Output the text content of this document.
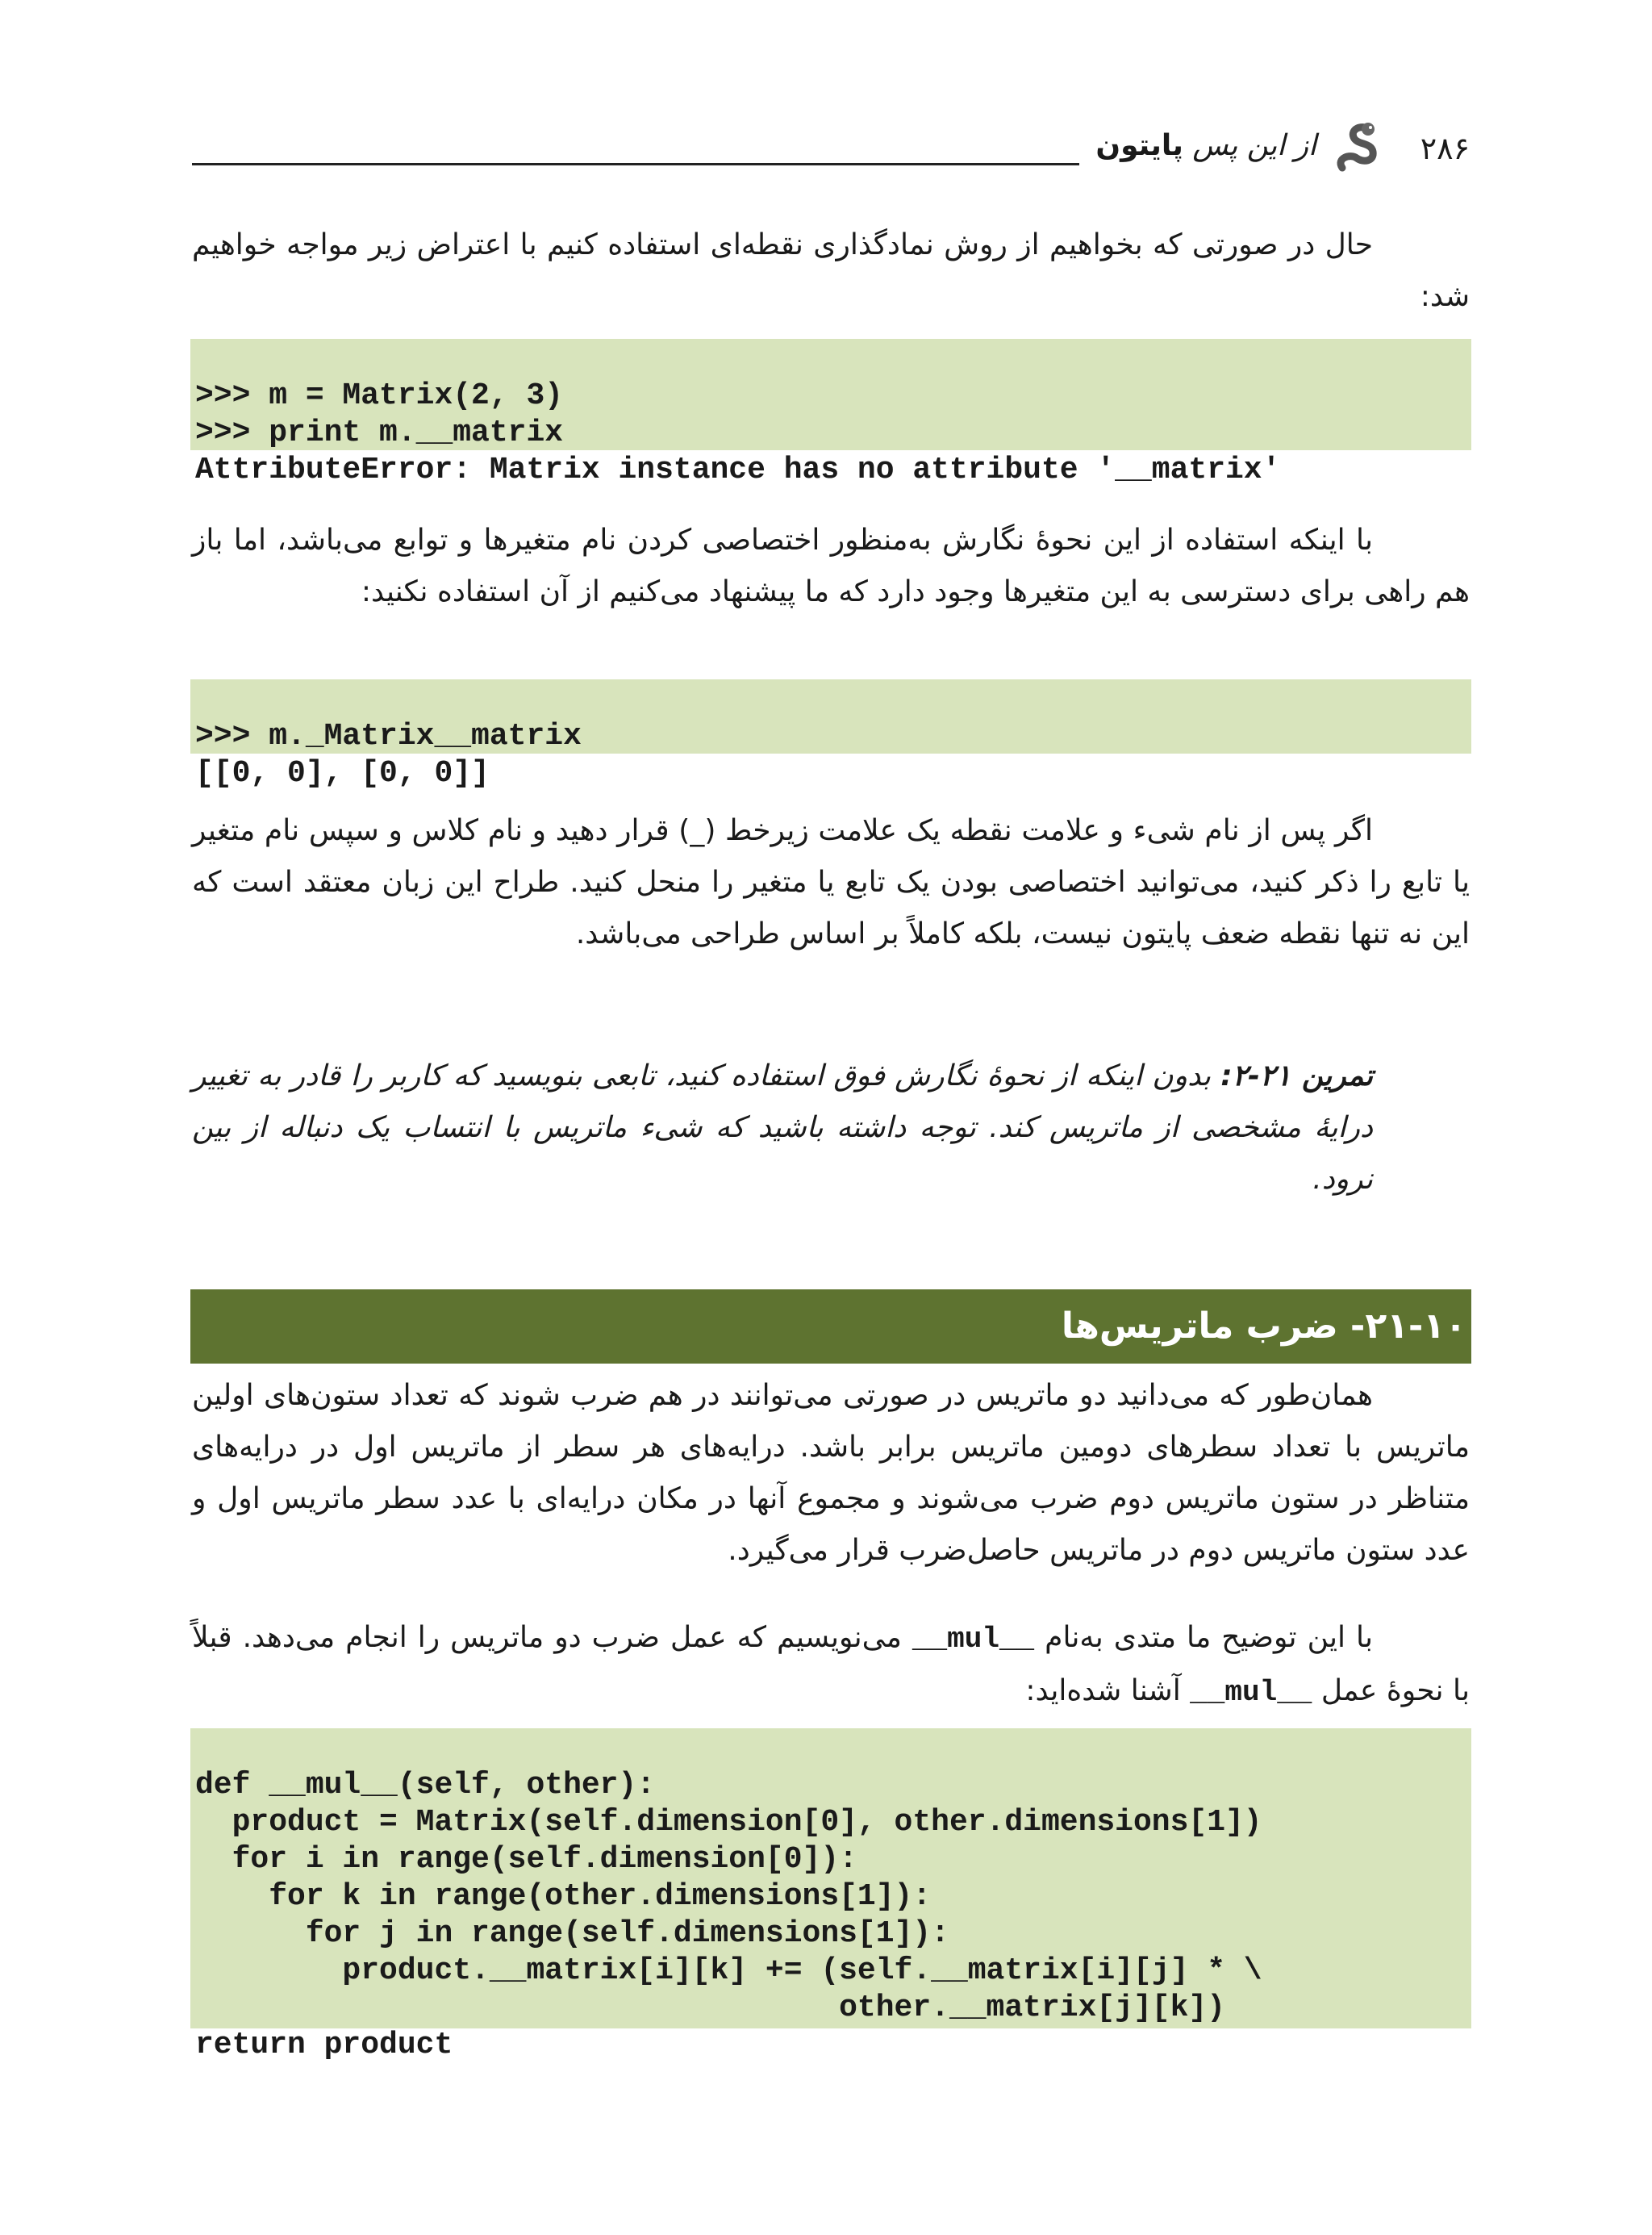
از این پس پایتون	۲۸۶

حال در صورتی که بخواهیم از روش نمادگذاری نقطه‌ای استفاده کنیم با اعتراض زیر مواجه خواهیم شد:

>>> m = Matrix(2, 3)
>>> print m.__matrix
AttributeError: Matrix instance has no attribute '__matrix'

با اینکه استفاده از این نحوهٔ نگارش به‌منظور اختصاصی کردن نام متغیرها و توابع می‌باشد، اما باز هم راهی برای دسترسی به این متغیرها وجود دارد که ما پیشنهاد می‌کنیم از آن استفاده نکنید:

>>> m._Matrix__matrix
[[0, 0], [0, 0]]

اگر پس از نام شیء و علامت نقطه یک علامت زیرخط (_) قرار دهید و نام کلاس و سپس نام متغیر یا تابع را ذکر کنید، می‌توانید اختصاصی بودن یک تابع یا متغیر را منحل کنید. طراح این زبان معتقد است که این نه تنها نقطه ضعف پایتون نیست، بلکه کاملاً بر اساس طراحی می‌باشد.

تمرین ۲۱-۲: بدون اینکه از نحوهٔ نگارش فوق استفاده کنید، تابعی بنویسید که کاربر را قادر به تغییر درایهٔ مشخصی از ماتریس کند. توجه داشته باشید که شیء ماتریس با انتساب یک دنباله از بین نرود.

۲۱-۱۰- ضرب ماتریس‌ها

همان‌طور که می‌دانید دو ماتریس در صورتی می‌توانند در هم ضرب شوند که تعداد ستون‌های اولین ماتریس با تعداد سطرهای دومین ماتریس برابر باشد. درایه‌های هر سطر از ماتریس اول در درایه‌های متناظر در ستون ماتریس دوم ضرب می‌شوند و مجموع آنها در مکان درایه‌ای با عدد سطر ماتریس اول و عدد ستون ماتریس دوم در ماتریس حاصل‌ضرب قرار می‌گیرد.

با این توضیح ما متدی به‌نام __mul__ می‌نویسیم که عمل ضرب دو ماتریس را انجام می‌دهد. قبلاً با نحوهٔ عمل __mul__ آشنا شده‌اید:

def __mul__(self, other):
product = Matrix(self.dimension[0], other.dimensions[1])
for i in range(self.dimension[0]):
for k in range(other.dimensions[1]):
for j in range(self.dimensions[1]):
product.__matrix[i][k] += (self.__matrix[i][j] * \
other.__matrix[j][k])
return product
